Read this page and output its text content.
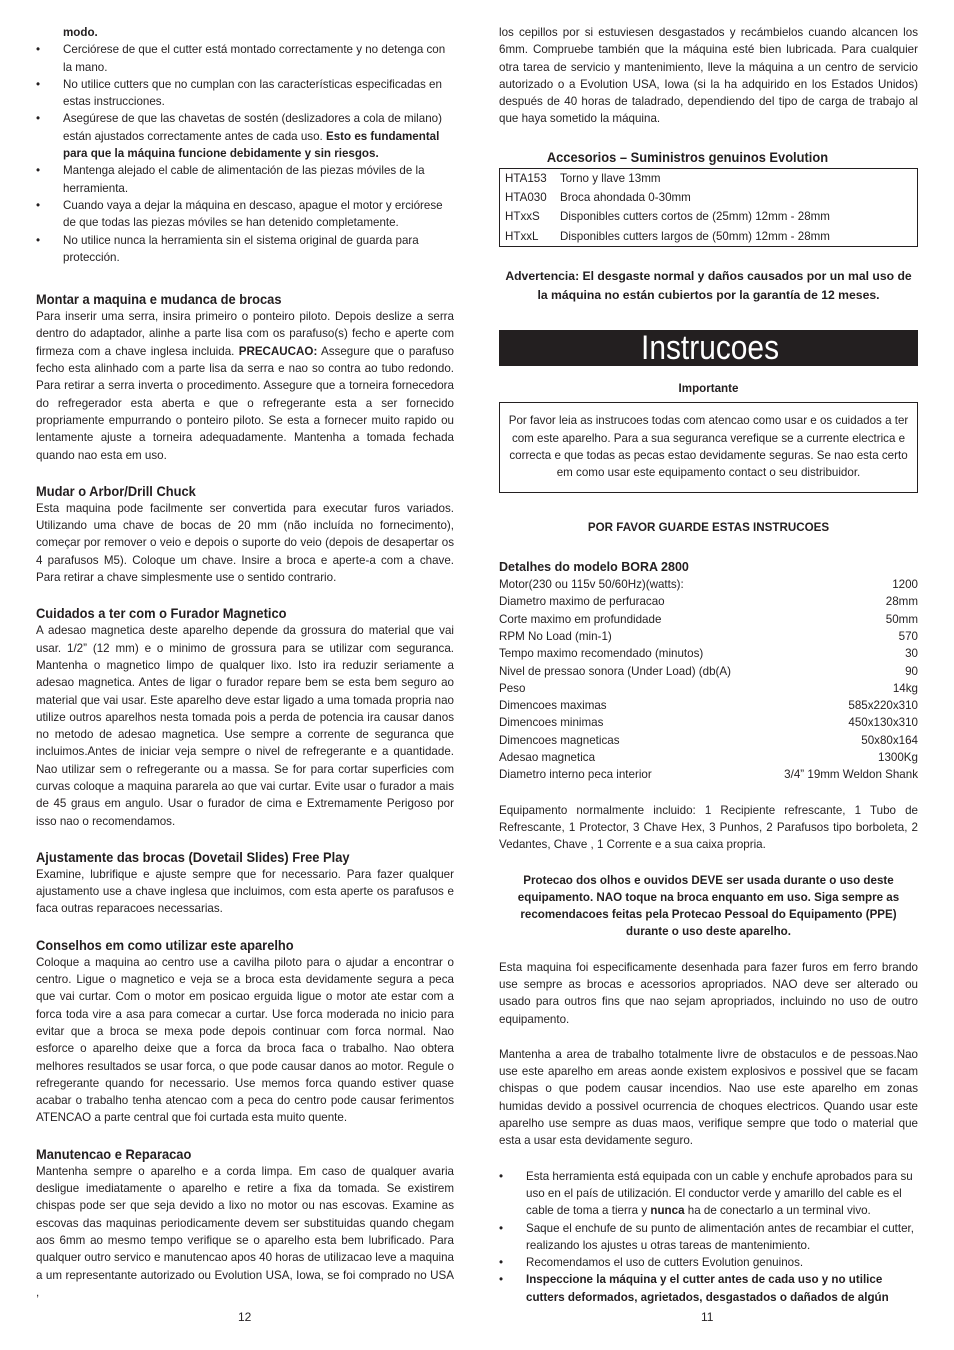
modo.
• Cerciórese de que el cutter está montado correctamente y no detenga con la mano.
• No utilice cutters que no cumplan con las características especificadas en estas instrucciones.
• Asegúrese de que las chavetas de sostén (deslizadores a cola de milano) están ajustados correctamente antes de cada uso. Esto es fundamental para que la máquina funcione debidamente y sin riesgos.
• Mantenga alejado el cable de alimentación de las piezas móviles de la herramienta.
• Cuando vaya a dejar la máquina en descaso, apague el motor y erciórese de que todas las piezas móviles se han detenido completamente.
• No utilice nunca la herramienta sin el sistema original de guarda para protección.
Montar a maquina e mudanca de brocas

Para inserir uma serra, insira primeiro o ponteiro piloto. Depois deslize a serra dentro do adaptador, alinhe a parte lisa com os parafuso(s) fecho e aperte com firmeza com a chave inglesa incluida. PRECAUCAO: Assegure que o parafuso fecho esta alinhado com a parte lisa da serra e nao so contra ao tubo redondo. Para retirar a serra inverta o procedimento. Assegure que a torneira fornecedora do refregerador esta aberta e que o refregerante esta a ser fornecido propriamente empurrando o ponteiro piloto. Se esta a fornecer muito rapido ou lentamente ajuste a torneira adequadamente. Mantenha a tomada fechada quando nao esta em uso.

Mudar o Arbor/Drill Chuck

Esta maquina pode facilmente ser convertida para executar furos variados. Utilizando uma chave de bocas de 20 mm (não incluída no fornecimento), começar por remover o veio e depois o suporte do veio (depois de desapertar os 4 parafusos M5). Coloque um chave. Insire a broca e aperte-a com a chave. Para retirar a chave simplesmente use o sentido contrario.

Cuidados a ter com o Furador Magnetico

A adesao magnetica deste aparelho depende da grossura do material que vai usar. 1/2” (12 mm) e o minimo de grossura para se utilizar com seguranca. Mantenha o magnetico limpo de qualquer lixo. Isto ira reduzir seriamente a adesao magnetica. Antes de ligar o furador repare bem se esta bem seguro ao material que vai usar. Este aparelho deve estar ligado a uma tomada propria nao utilize outros aparelhos nesta tomada pois a perda de potencia ira causar danos no metodo de adesao magnetica. Use sempre a corrente de seguranca que incluimos.Antes de iniciar veja sempre o nivel de refregerante e a quantidade. Nao utilizar sem o refregerante ou a massa. Se for para cortar superficies com curvas coloque a maquina pararela ao que vai curtar. Evite usar o furador a mais de 45 graus em angulo. Usar o furador de cima e Extremamente Perigoso por isso nao o recomendamos.

Ajustamente das brocas (Dovetail Slides) Free Play

Examine, lubrifique e ajuste sempre que for necessario. Para fazer qualquer ajustamento use a chave inglesa que incluimos, com esta aperte os parafusos e faca outras reparacoes necessarias.

Conselhos em como utilizar este aparelho

Coloque a maquina ao centro use a cavilha piloto para o ajudar a encontrar o centro. Ligue o magnetico e veja se a broca esta devidamente segura a peca que vai curtar. Com o motor em posicao erguida ligue o motor ate estar com a forca toda vire a asa para comecar a curtar. Use forca moderada no inicio para evitar que a broca se mexa pode depois continuar com forca normal. Nao esforce o aparelho deixe que a forca da broca faca o trabalho. Nao obtera melhores resultados se usar forca, o que pode causar danos ao motor. Regule o refregerante quando for necessario. Use memos forca quando estiver quase acabar o trabalho tenha atencao com a peca do centro pode causar ferimentos ATENCAO a parte central que foi curtada esta muito quente.

Manutencao e Reparacao

Mantenha sempre o aparelho e a corda limpa. Em caso de qualquer avaria desligue imediatamente o aparelho e retire a fixa da tomada. Se existirem chispas pode ser que seja devido a lixo no motor ou nas escovas. Examine as escovas das maquinas periodicamente devem ser substituidas quando chegam aos 6mm ao mesmo tempo verifique se o aparelho esta bem lubrificado. Para qualquer outro servico e manutencao apos 40 horas de utilizacao leve a maquina a um representante autorizado ou Evolution USA, Iowa, se foi comprado no USA ,

los cepillos por si estuviesen desgastados y recámbielos cuando alcancen los 6mm. Compruebe también que la máquina esté bien lubricada. Para cualquier otra tarea de servicio y mantenimiento, lleve la máquina a un centro de servicio autorizado o a Evolution USA, Iowa (si la ha adquirido en los Estados Unidos) después de 40 horas de taladrado, dependiendo del tipo de carga de trabajo al que haya sometido la máquina.

Accesorios – Suministros genuinos Evolution
HTA153	Torno y llave 13mm
HTA030	Broca ahondada 0-30mm
HTxxS	Disponibles cutters cortos de (25mm) 12mm - 28mm
HTxxL	Disponibles cutters largos de (50mm) 12mm - 28mm

Advertencia: El desgaste normal y daños causados por un mal uso de la máquina no están cubiertos por la garantía de 12 meses.

Instrucoes
Importante
Por favor leia as instrucoes todas com atencao como usar e os cuidados a ter com este aparelho. Para a sua seguranca verefique se a currente electrica e correcta e que todas as pecas estao devidamente seguras. Se nao esta certo em como usar este equipamento contact o seu distribuidor.
POR FAVOR GUARDE ESTAS INSTRUCOES
Detalhes do modelo BORA 2800
Motor(230 ou 115v 50/60Hz)(watts):	1200
Diametro maximo de perfuracao	28mm
Corte maximo em profundidade	50mm
RPM No Load (min-1)	570
Tempo maximo recomendado (minutos)	30
Nivel de pressao sonora (Under Load) (db(A)	90
Peso	14kg
Dimencoes maximas	585x220x310
Dimencoes minimas	450x130x310
Dimencoes magneticas	50x80x164
Adesao magnetica	1300Kg
Diametro interno peca interior	3/4” 19mm Weldon Shank

Equipamento normalmente incluido: 1 Recipiente refrescante, 1 Tubo de Refrescante, 1 Protector, 3 Chave Hex, 3 Punhos, 2 Parafusos tipo borboleta, 2 Vedantes, Chave , 1 Corrente e a sua caixa propria.

Protecao dos olhos e ouvidos DEVE ser usada durante o uso deste equipamento. NAO toque na broca enquanto em uso. Siga sempre as recomendacoes feitas pela Protecao Pessoal do Equipamento (PPE) durante o uso deste aparelho.

Esta maquina foi especificamente desenhada para fazer furos em ferro brando use sempre as brocas e acessorios apropriados. NAO deve ser alterado ou usado para outros fins que nao sejam apropriados, incluindo no uso de outro equipamento.

Mantenha a area de trabalho totalmente livre de obstaculos e de pessoas.Nao use este aparelho em areas aonde existem explosivos e possivel que se facam chispas o que podem causar incendios. Nao use este aparelho em zonas humidas devido a possivel ocurrencia de choques electricos. Quando usar este aparelho use sempre as duas maos, verifique sempre que todo o material que esta a usar esta devidamente seguro.

• Esta herramienta está equipada con un cable y enchufe aprobados para su uso en el país de utilización. El conductor verde y amarillo del cable es el cable de toma a tierra y nunca ha de conectarlo a un terminal vivo.
• Saque el enchufe de su punto de alimentación antes de recambiar el cutter, realizando los ajustes u otras tareas de mantenimiento.
• Recomendamos el uso de cutters Evolution genuinos.
• Inspeccione la máquina y el cutter antes de cada uso y no utilice cutters deformados, agrietados, desgastados o dañados de algún
12	11
